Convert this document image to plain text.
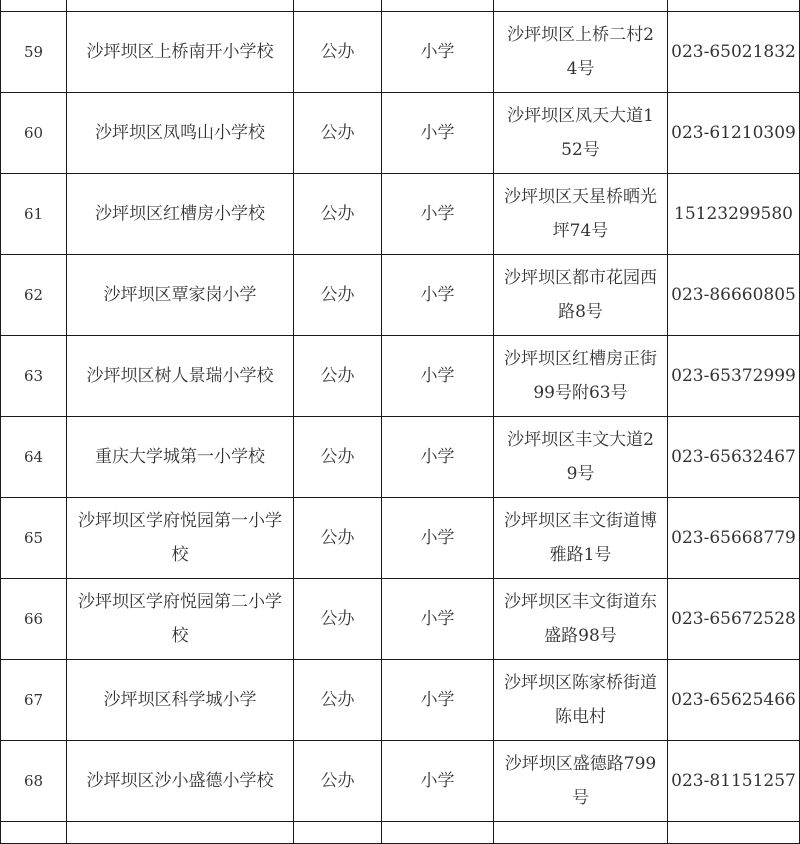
59	沙坪坝区上桥南开小学校	公办	小学	沙坪坝区上桥二村24号	023-65021832
60	沙坪坝区凤鸣山小学校	公办	小学	沙坪坝区凤天大道152号	023-61210309
61	沙坪坝区红槽房小学校	公办	小学	沙坪坝区天星桥晒光坪74号	15123299580
62	沙坪坝区覃家岗小学	公办	小学	沙坪坝区都市花园西路8号	023-86660805
63	沙坪坝区树人景瑞小学校	公办	小学	沙坪坝区红槽房正街99号附63号	023-65372999
64	重庆大学城第一小学校	公办	小学	沙坪坝区丰文大道29号	023-65632467
65	沙坪坝区学府悦园第一小学校	公办	小学	沙坪坝区丰文街道博雅路1号	023-65668779
66	沙坪坝区学府悦园第二小学校	公办	小学	沙坪坝区丰文街道东盛路98号	023-65672528
67	沙坪坝区科学城小学	公办	小学	沙坪坝区陈家桥街道陈电村	023-65625466
68	沙坪坝区沙小盛德小学校	公办	小学	沙坪坝区盛德路799号	023-81151257
